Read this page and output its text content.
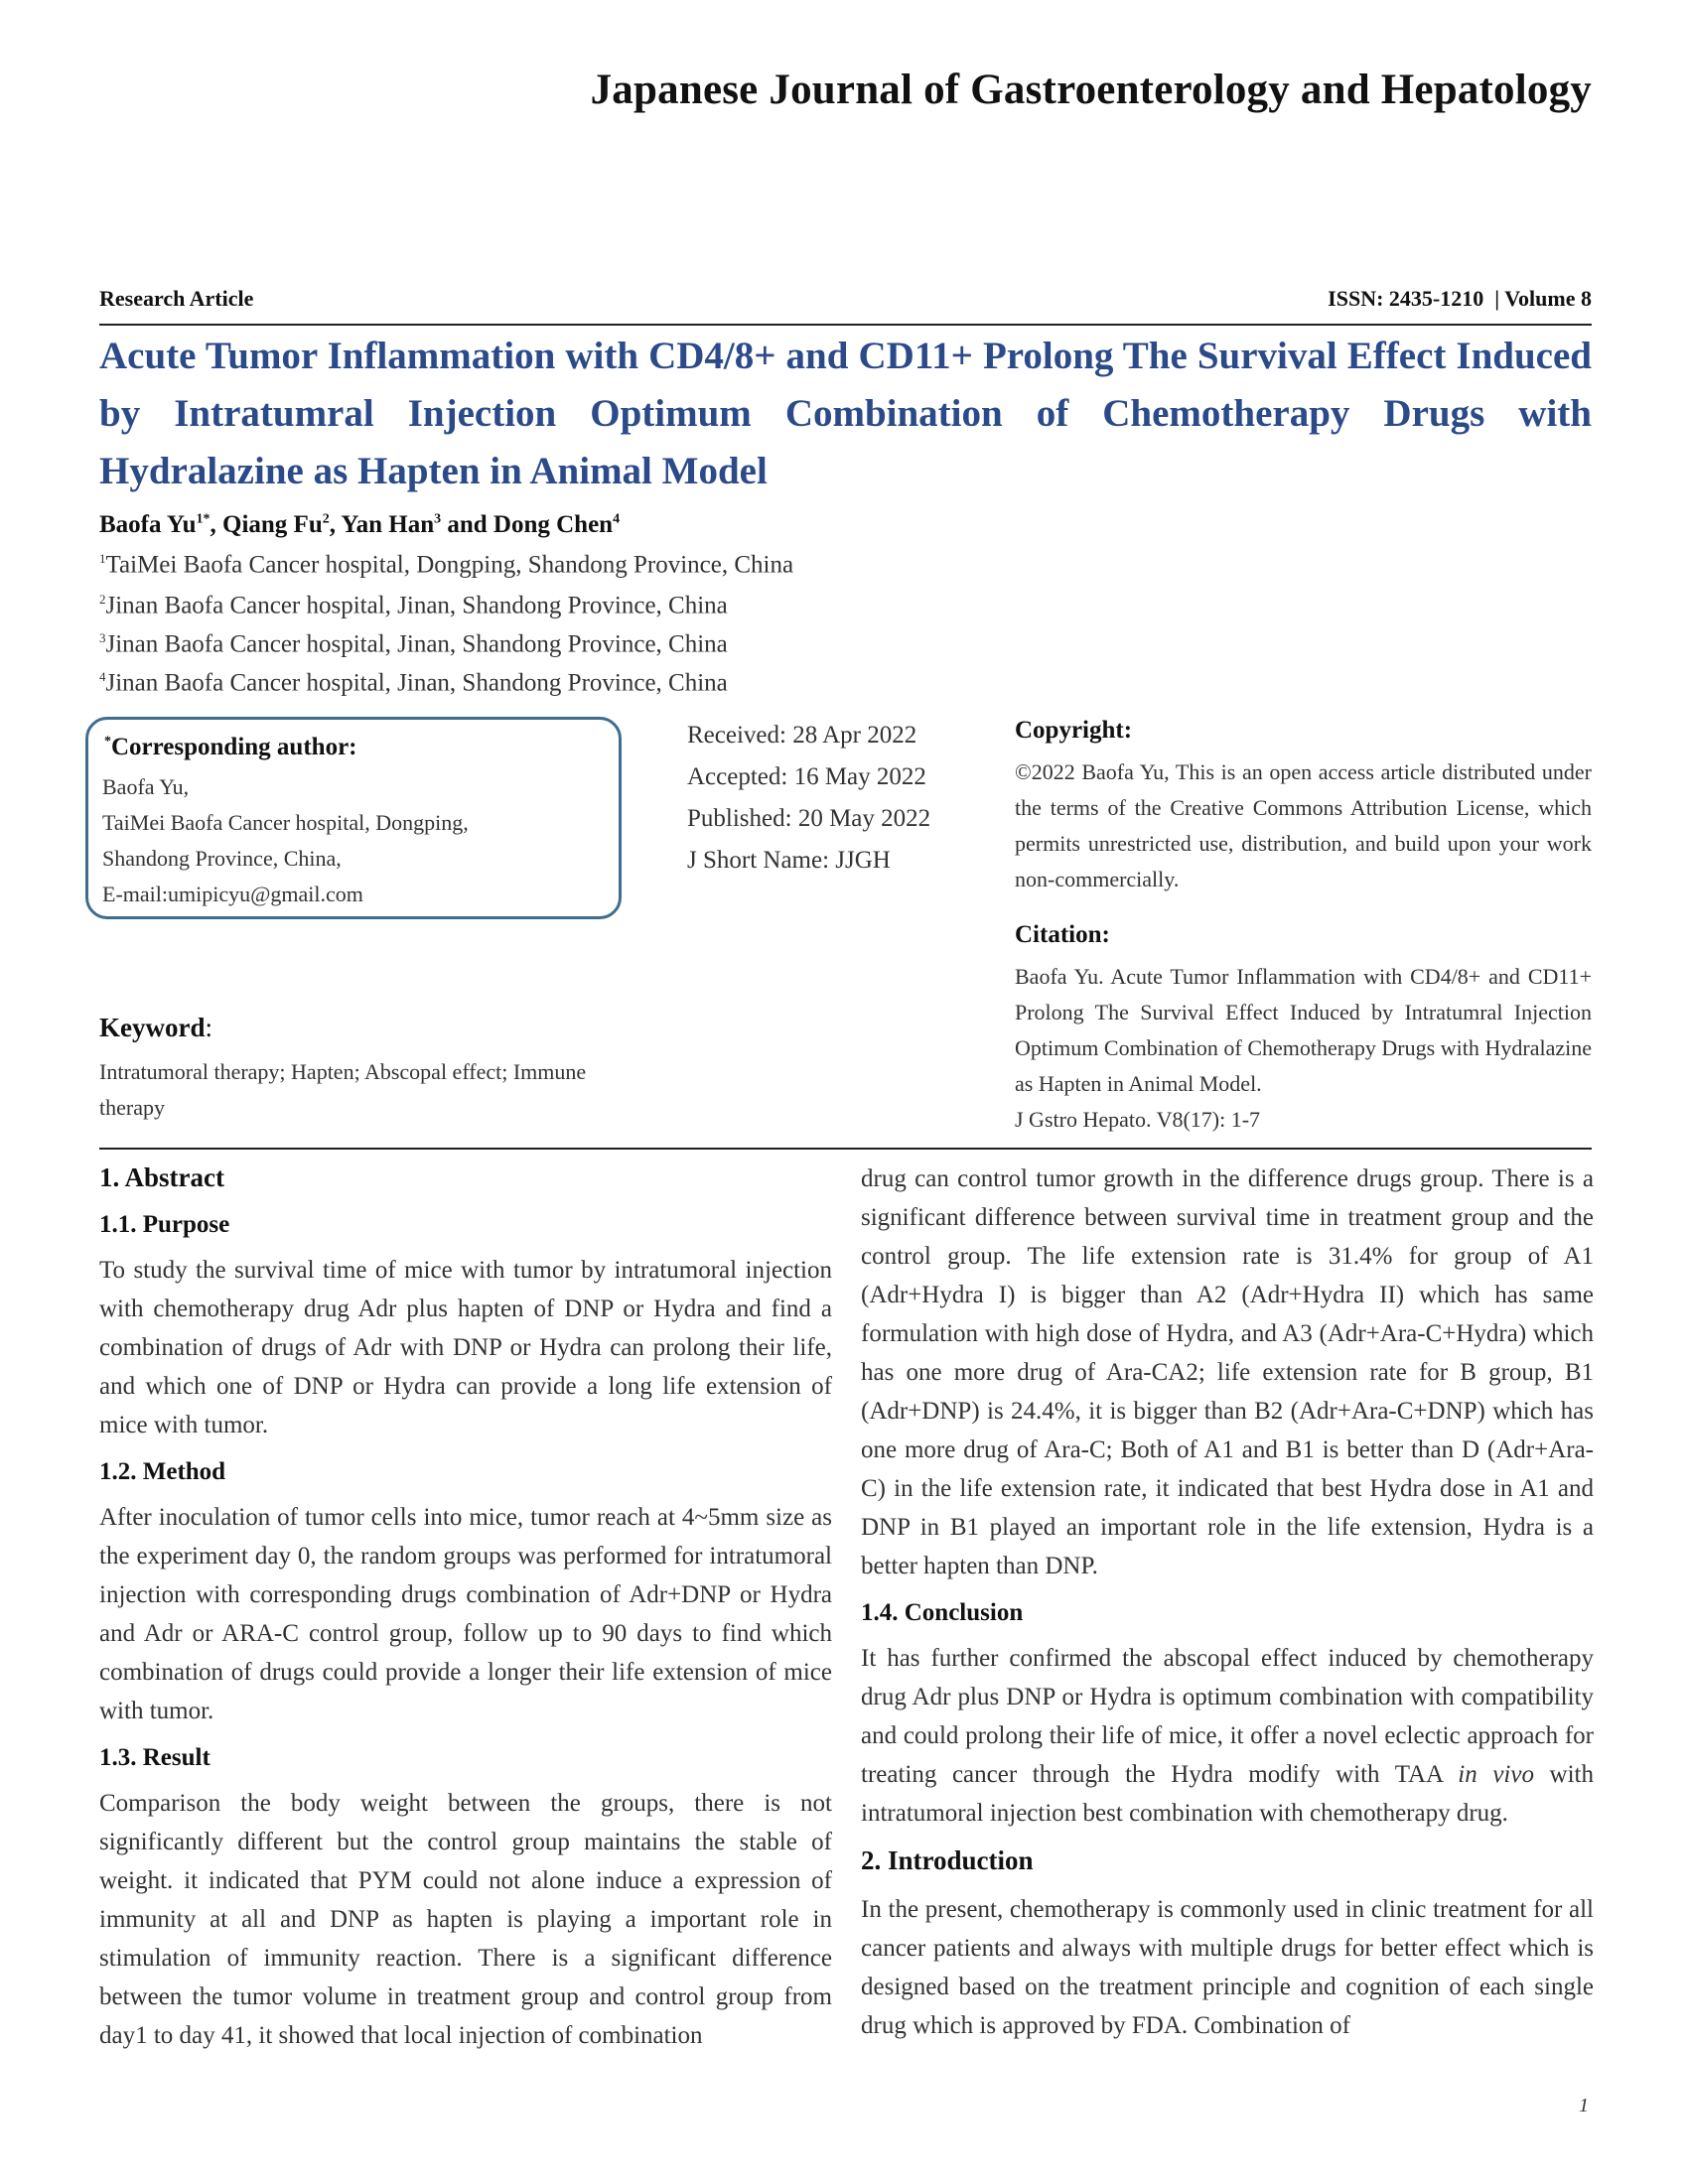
Japanese Journal of Gastroenterology and Hepatology
Research Article	ISSN: 2435-1210  | Volume 8
Acute Tumor Inflammation with CD4/8+ and CD11+ Prolong The Survival Effect Induced by Intratumral Injection Optimum Combination of Chemotherapy Drugs with Hydralazine as Hapten in Animal Model
Baofa $Yu^{1*}$, Qiang Fu$^2$, Yan Han$^3$ and Dong Chen$^4$
$^1$TaiMei Baofa Cancer hospital, Dongping, Shandong Province, China
$^2$Jinan Baofa Cancer hospital, Jinan, Shandong Province, China
$^3$Jinan Baofa Cancer hospital, Jinan, Shandong Province, China
$^4$Jinan Baofa Cancer hospital, Jinan, Shandong Province, China
*Corresponding author:
Baofa Yu,
TaiMei Baofa Cancer hospital, Dongping,
Shandong Province, China,
E-mail:umipicyu@gmail.com
Received: 28 Apr 2022
Accepted: 16 May 2022
Published: 20 May 2022
J Short Name: JJGH
Copyright:
©2022 Baofa Yu, This is an open access article distributed under the terms of the Creative Commons Attribution License, which permits unrestricted use, distribution, and build upon your work non-commercially.
Citation:
Baofa Yu. Acute Tumor Inflammation with CD4/8+ and CD11+ Prolong The Survival Effect Induced by Intratumral Injection Optimum Combination of Chemotherapy Drugs with Hydralazine as Hapten in Animal Model.
J Gstro Hepato. V8(17): 1-7
Keyword:
Intratumoral therapy; Hapten; Abscopal effect; Immune therapy
1. Abstract
1.1. Purpose
To study the survival time of mice with tumor by intratumoral injection with chemotherapy drug Adr plus hapten of DNP or Hydra and find a combination of drugs of Adr with DNP or Hydra can prolong their life, and which one of DNP or Hydra can provide a long life extension of mice with tumor.
1.2. Method
After inoculation of tumor cells into mice, tumor reach at 4~5mm size as the experiment day 0, the random groups was performed for intratumoral injection with corresponding drugs combination of Adr+DNP or Hydra and Adr or ARA-C control group, follow up to 90 days to find which combination of drugs could provide a longer their life extension of mice with tumor.
1.3. Result
Comparison the body weight between the groups, there is not significantly different but the control group maintains the stable of weight. it indicated that PYM could not alone induce a expression of immunity at all and DNP as hapten is playing a important role in stimulation of immunity reaction. There is a significant difference between the tumor volume in treatment group and control group from day1 to day 41, it showed that local injection of combination
drug can control tumor growth in the difference drugs group. There is a significant difference between survival time in treatment group and the control group. The life extension rate is 31.4% for group of A1 (Adr+Hydra I) is bigger than A2 (Adr+Hydra II) which has same formulation with high dose of Hydra, and A3 (Adr+Ara-C+Hydra) which has one more drug of Ara-CA2; life extension rate for B group, B1 (Adr+DNP) is 24.4%, it is bigger than B2 (Adr+Ara-C+DNP) which has one more drug of Ara-C; Both of A1 and B1 is better than D (Adr+Ara-C) in the life extension rate, it indicated that best Hydra dose in A1 and DNP in B1 played an important role in the life extension, Hydra is a better hapten than DNP.
1.4. Conclusion
It has further confirmed the abscopal effect induced by chemotherapy drug Adr plus DNP or Hydra is optimum combination with compatibility and could prolong their life of mice, it offer a novel eclectic approach for treating cancer through the Hydra modify with TAA in vivo with intratumoral injection best combination with chemotherapy drug.
2. Introduction
In the present, chemotherapy is commonly used in clinic treatment for all cancer patients and always with multiple drugs for better effect which is designed based on the treatment principle and cognition of each single drug which is approved by FDA. Combination of
1
